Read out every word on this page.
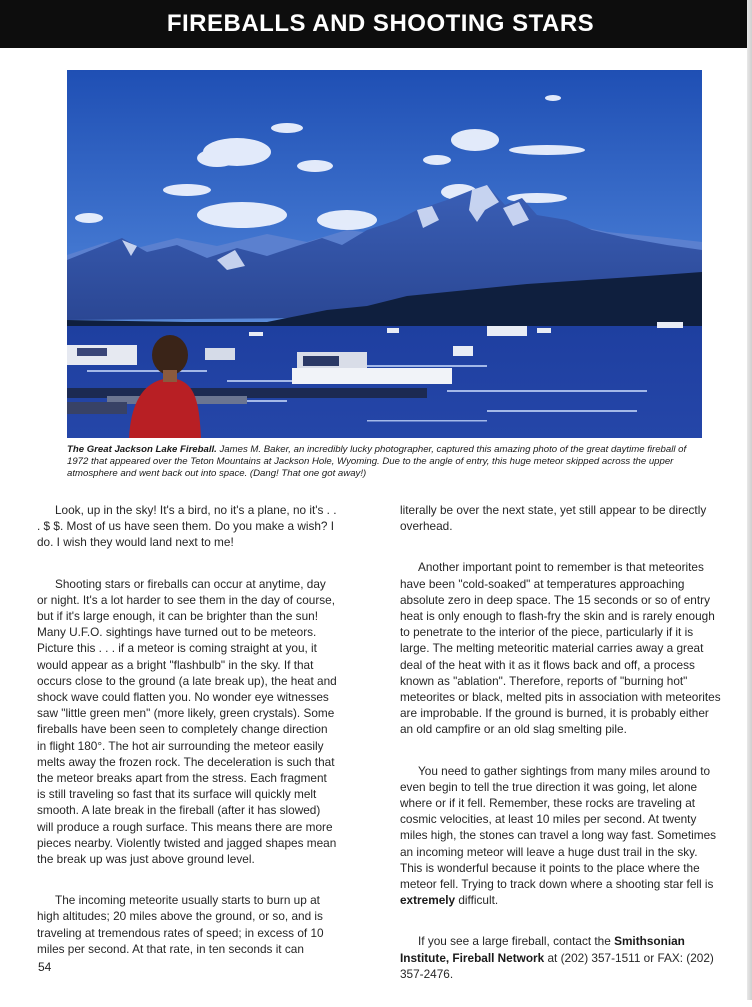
FIREBALLS AND SHOOTING STARS
The Great Jackson Lake Fireball. James M. Baker, an incredibly lucky photographer, captured this amazing photo of the great daytime fireball of 1972 that appeared over the Teton Mountains at Jackson Hole, Wyoming. Due to the angle of entry, this huge meteor skipped across the upper atmosphere and went back out into space. (Dang! That one got away!)

Look, up in the sky! It's a bird, no it's a plane, no it's . . . $ $. Most of us have seen them. Do you make a wish? I do. I wish they would land next to me!

Shooting stars or fireballs can occur at anytime, day or night. It's a lot harder to see them in the day of course, but if it's large enough, it can be brighter than the sun! Many U.F.O. sightings have turned out to be meteors. Picture this . . . if a meteor is coming straight at you, it would appear as a bright "flashbulb" in the sky. If that occurs close to the ground (a late break up), the heat and shock wave could flatten you. No wonder eye witnesses saw "little green men" (more likely, green crystals). Some fireballs have been seen to completely change direction in flight 180°. The hot air surrounding the meteor easily melts away the frozen rock. The deceleration is such that the meteor breaks apart from the stress. Each fragment is still traveling so fast that its surface will quickly melt smooth. A late break in the fireball (after it has slowed) will produce a rough surface. This means there are more pieces nearby. Violently twisted and jagged shapes mean the break up was just above ground level.

The incoming meteorite usually starts to burn up at high altitudes; 20 miles above the ground, or so, and is traveling at tremendous rates of speed; in excess of 10 miles per second. At that rate, in ten seconds it can

literally be over the next state, yet still appear to be directly overhead.

Another important point to remember is that meteorites have been "cold-soaked" at temperatures approaching absolute zero in deep space. The 15 seconds or so of entry heat is only enough to flash-fry the skin and is rarely enough to penetrate to the interior of the piece, particularly if it is large. The melting meteoritic material carries away a great deal of the heat with it as it flows back and off, a process known as "ablation". Therefore, reports of "burning hot" meteorites or black, melted pits in association with meteorites are improbable. If the ground is burned, it is probably either an old campfire or an old slag smelting pile.

You need to gather sightings from many miles around to even begin to tell the true direction it was going, let alone where or if it fell. Remember, these rocks are traveling at cosmic velocities, at least 10 miles per second. At twenty miles high, the stones can travel a long way fast. Sometimes an incoming meteor will leave a huge dust trail in the sky. This is wonderful because it points to the place where the meteor fell. Trying to track down where a shooting star fell is extremely difficult.

If you see a large fireball, contact the Smithsonian Institute, Fireball Network at (202) 357-1511 or FAX: (202) 357-2476.

54
